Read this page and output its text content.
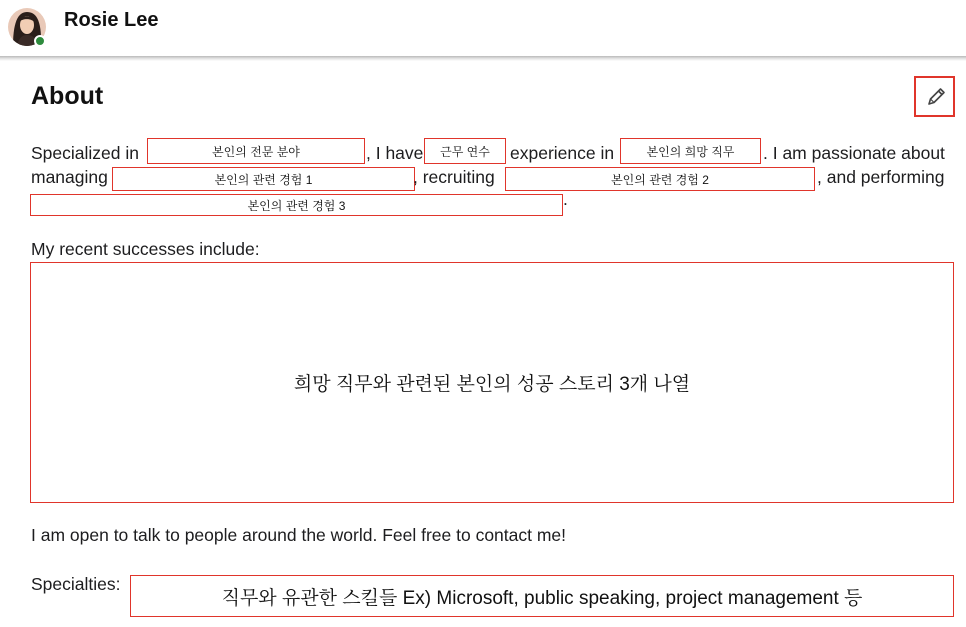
Rosie Lee
About
Specialized in	본인의 전문 분야	, I have	근무 연수	experience in	본인의 희망 직무	. I am passionate about
managing	본인의 관련 경험 1	, recruiting	본인의 관련 경험 2	, and performing
본인의 관련 경험 3	.
My recent successes include:
희망 직무와 관련된 본인의 성공 스토리 3개 나열
I am open to talk to people around the world. Feel free to contact me!
Specialties:
직무와 유관한 스킬들 Ex) Microsoft, public speaking, project management 등
